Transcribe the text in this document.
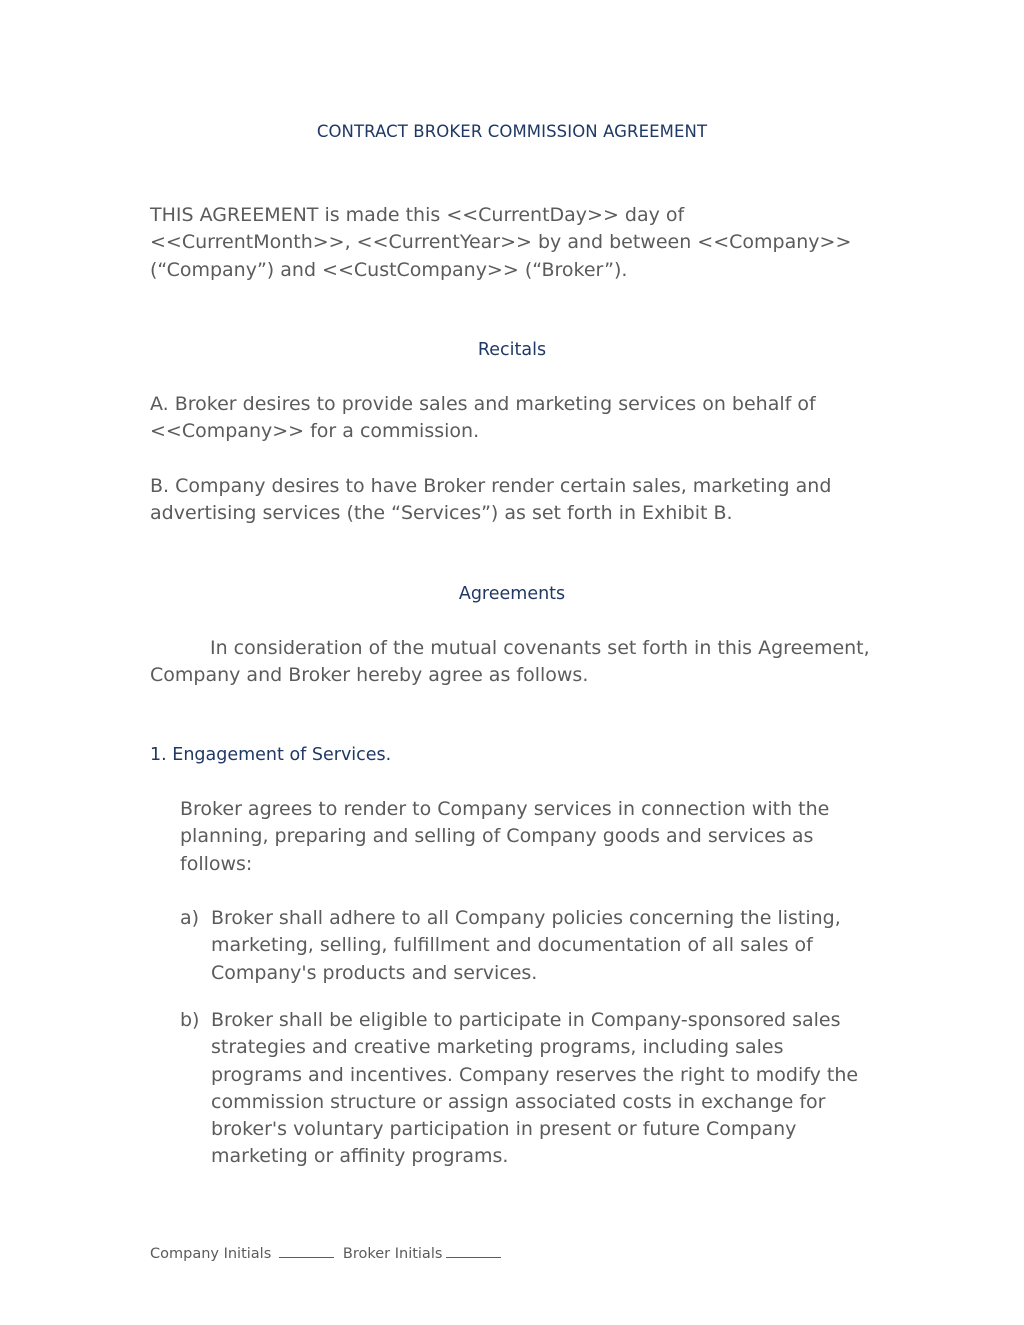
CONTRACT BROKER COMMISSION AGREEMENT
THIS AGREEMENT is made this <<CurrentDay>> day of <<CurrentMonth>>, <<CurrentYear>> by and between <<Company>> (“Company”) and <<CustCompany>> (“Broker”).
Recitals
A. Broker desires to provide sales and marketing services on behalf of <<Company>> for a commission.
B. Company desires to have Broker render certain sales, marketing and advertising services (the “Services”) as set forth in Exhibit B.
Agreements
In consideration of the mutual covenants set forth in this Agreement, Company and Broker hereby agree as follows.
1. Engagement of Services.
Broker agrees to render to Company services in connection with the planning, preparing and selling of Company goods and services as follows:
a) Broker shall adhere to all Company policies concerning the listing, marketing, selling, fulfillment and documentation of all sales of Company's products and services.
b) Broker shall be eligible to participate in Company-sponsored sales strategies and creative marketing programs, including sales programs and incentives. Company reserves the right to modify the commission structure or assign associated costs in exchange for broker's voluntary participation in present or future Company marketing or affinity programs.
Company Initials	Broker Initials
